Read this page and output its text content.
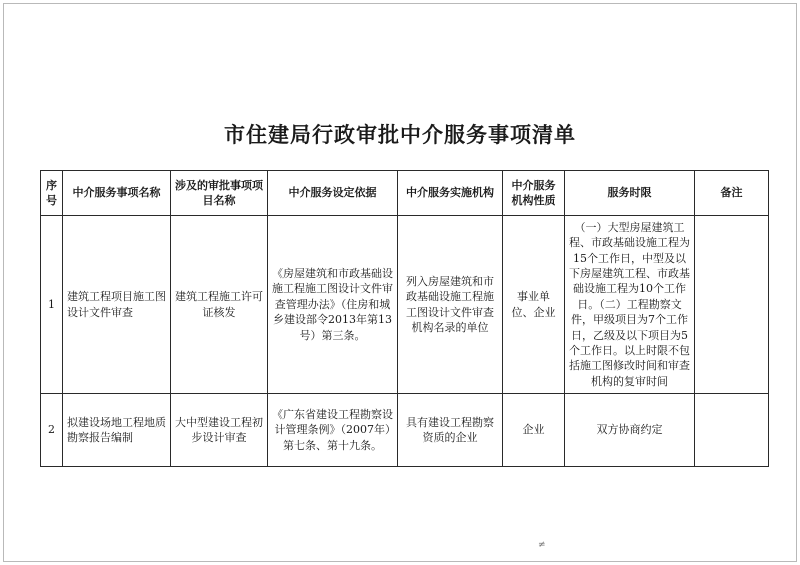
市住建局行政审批中介服务事项清单
序号	中介服务事项名称	涉及的审批事项项目名称	中介服务设定依据	中介服务实施机构	中介服务机构性质	服务时限	备注
1	建筑工程项目施工图设计文件审查	建筑工程施工许可证核发	《房屋建筑和市政基础设施工程施工图设计文件审查管理办法》（住房和城乡建设部令2013年第13号）第三条。	列入房屋建筑和市政基础设施工程施工图设计文件审查机构名录的单位	事业单位、企业	（一）大型房屋建筑工程、市政基础设施工程为15个工作日，中型及以下房屋建筑工程、市政基础设施工程为10个工作日。（二）工程勘察文件，甲级项目为7个工作日，乙级及以下项目为5个工作日。以上时限不包括施工图修改时间和审查机构的复审时间	
2	拟建设场地工程地质勘察报告编制	大中型建设工程初步设计审查	《广东省建设工程勘察设计管理条例》（2007年）第七条、第十九条。	具有建设工程勘察资质的企业	企业	双方协商约定	
≠
